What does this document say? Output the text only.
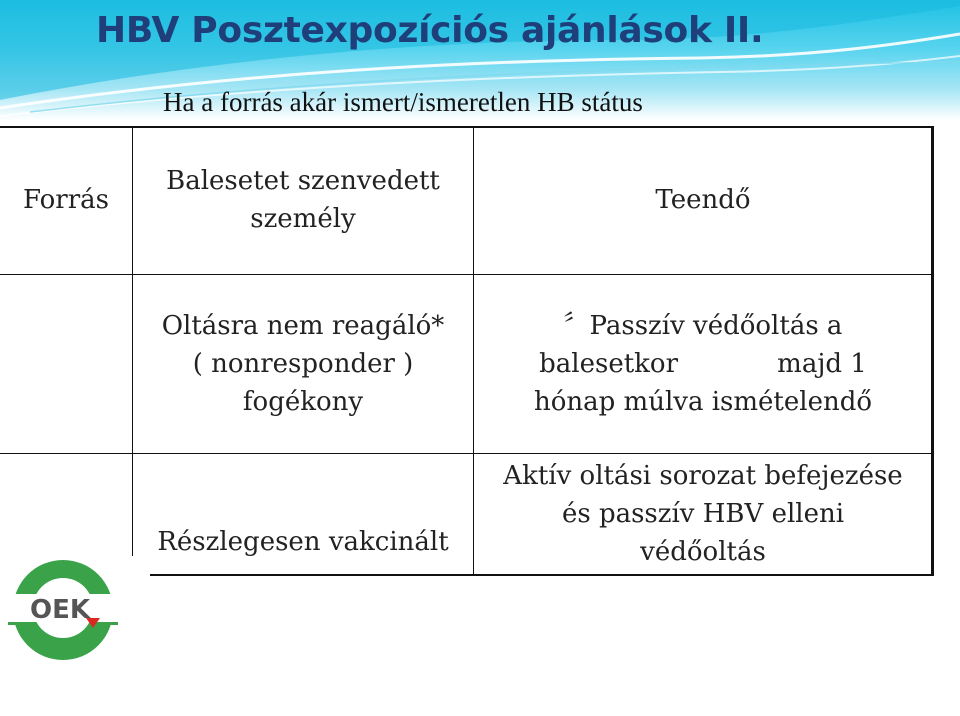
HBV Posztexpozíciós ajánlások II.
Ha a forrás akár ismert/ismeretlen HB státus
Forrás
Balesetet szenvedett
személy
Teendő
Oltásra nem reagáló*
( nonresponder )
fogékony
〞Passzív védőoltás a
balesetkor            majd 1
hónap múlva ismételendő
Részlegesen vakcinált
Aktív oltási sorozat befejezése
és passzív HBV elleni
védőoltás
OEK
